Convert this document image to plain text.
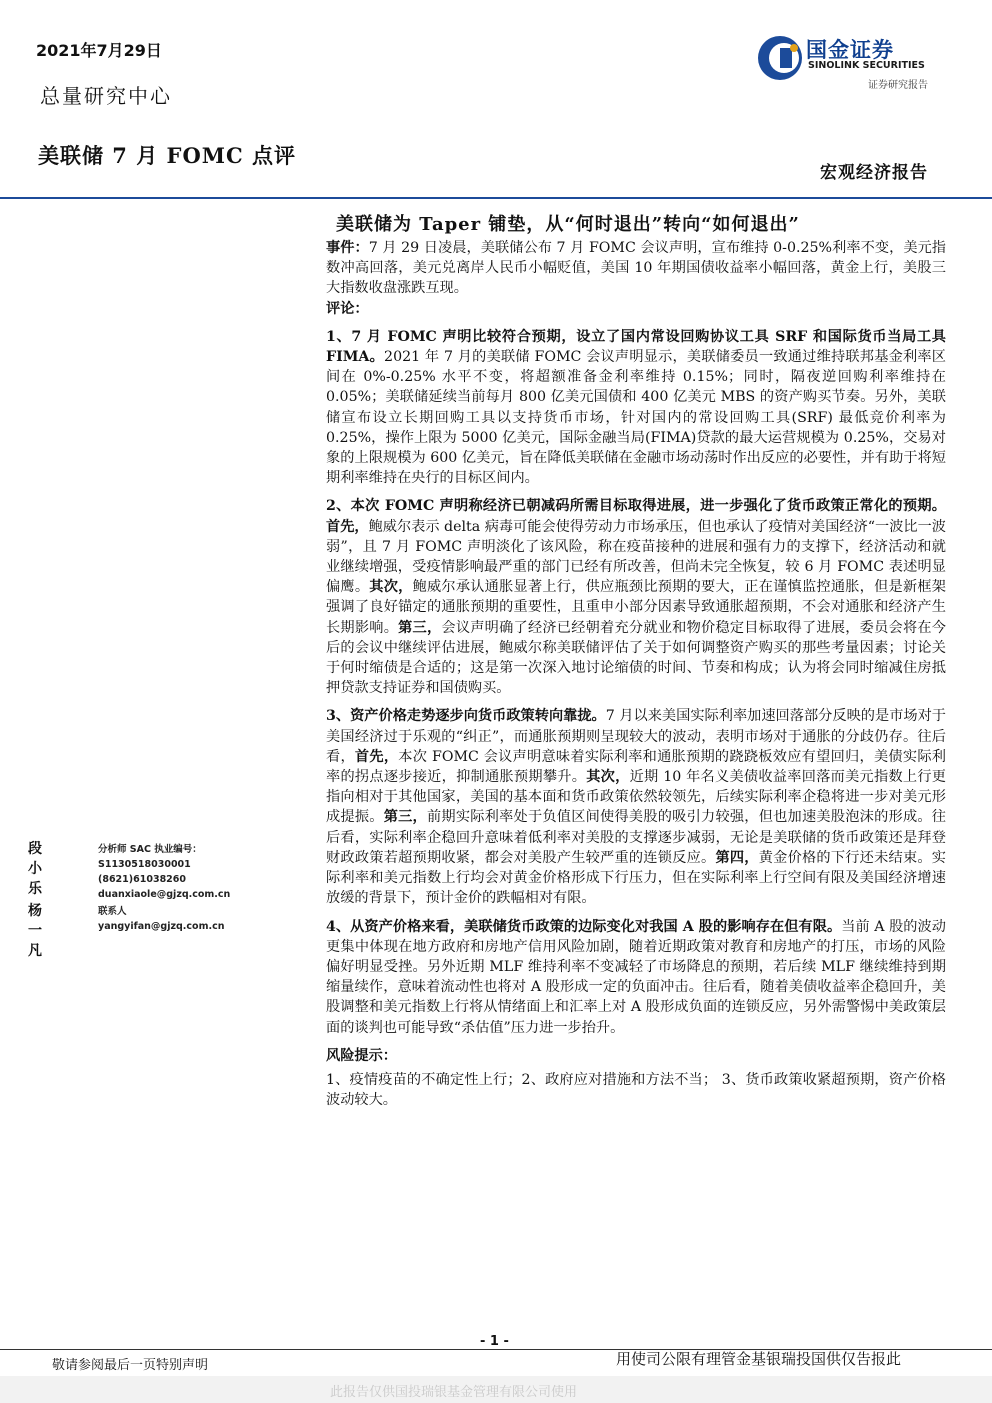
2021年7月29日
总量研究中心
美联储 7 月 FOMC 点评
国金证券
SINOLINK SECURITIES
证券研究报告
宏观经济报告
美联储为 Taper 铺垫，从“何时退出”转向“如何退出”

事件：7 月 29 日凌晨，美联储公布 7 月 FOMC 会议声明，宣布维持 0-0.25%利率不变，美元指数冲高回落，美元兑离岸人民币小幅贬值，美国 10 年期国债收益率小幅回落，黄金上行，美股三大指数收盘涨跌互现。

评论：

1、7 月 FOMC 声明比较符合预期，设立了国内常设回购协议工具 SRF 和国际货币当局工具 FIMA。2021 年 7 月的美联储 FOMC 会议声明显示，美联储委员一致通过维持联邦基金利率区间在 0%-0.25% 水平不变，将超额准备金利率维持 0.15%；同时，隔夜逆回购利率维持在 0.05%；美联储延续当前每月 800 亿美元国债和 400 亿美元 MBS 的资产购买节奏。另外，美联储宣布设立长期回购工具以支持货币市场，针对国内的常设回购工具(SRF) 最低竞价利率为 0.25%，操作上限为 5000 亿美元，国际金融当局(FIMA)贷款的最大运营规模为 0.25%，交易对象的上限规模为 600 亿美元，旨在降低美联储在金融市场动荡时作出反应的必要性，并有助于将短期利率维持在央行的目标区间内。

2、本次 FOMC 声明称经济已朝减码所需目标取得进展，进一步强化了货币政策正常化的预期。首先，鲍威尔表示 delta 病毒可能会使得劳动力市场承压，但也承认了疫情对美国经济“一波比一波弱”，且 7 月 FOMC 声明淡化了该风险，称在疫苗接种的进展和强有力的支撑下，经济活动和就业继续增强，受疫情影响最严重的部门已经有所改善，但尚未完全恢复，较 6 月 FOMC 表述明显偏鹰。其次，鲍威尔承认通胀显著上行，供应瓶颈比预期的要大，正在谨慎监控通胀，但是新框架强调了良好锚定的通胀预期的重要性，且重申小部分因素导致通胀超预期，不会对通胀和经济产生长期影响。第三，会议声明确了经济已经朝着充分就业和物价稳定目标取得了进展，委员会将在今后的会议中继续评估进展，鲍威尔称美联储评估了关于如何调整资产购买的那些考量因素；讨论关于何时缩债是合适的；这是第一次深入地讨论缩债的时间、节奏和构成；认为将会同时缩减住房抵押贷款支持证券和国债购买。

3、资产价格走势逐步向货币政策转向靠拢。7 月以来美国实际利率加速回落部分反映的是市场对于美国经济过于乐观的“纠正”，而通胀预期则呈现较大的波动，表明市场对于通胀的分歧仍存。往后看，首先，本次 FOMC 会议声明意味着实际利率和通胀预期的跷跷板效应有望回归，美债实际利率的拐点逐步接近，抑制通胀预期攀升。其次，近期 10 年名义美债收益率回落而美元指数上行更指向相对于其他国家，美国的基本面和货币政策依然较领先，后续实际利率企稳将进一步对美元形成提振。第三，前期实际利率处于负值区间使得美股的吸引力较强，但也加速美股泡沫的形成。往后看，实际利率企稳回升意味着低利率对美股的支撑逐步减弱，无论是美联储的货币政策还是拜登财政政策若超预期收紧，都会对美股产生较严重的连锁反应。第四，黄金价格的下行还未结束。实际利率和美元指数上行均会对黄金价格形成下行压力，但在实际利率上行空间有限及美国经济增速放缓的背景下，预计金价的跌幅相对有限。

4、从资产价格来看，美联储货币政策的边际变化对我国 A 股的影响存在但有限。当前 A 股的波动更集中体现在地方政府和房地产信用风险加剧，随着近期政策对教育和房地产的打压，市场的风险偏好明显受挫。另外近期 MLF 维持利率不变减轻了市场降息的预期，若后续 MLF 继续维持到期缩量续作，意味着流动性也将对 A 股形成一定的负面冲击。往后看，随着美债收益率企稳回升，美股调整和美元指数上行将从情绪面上和汇率上对 A 股形成负面的连锁反应，另外需警惕中美政策层面的谈判也可能导致“杀估值”压力进一步抬升。

风险提示：

1、疫情疫苗的不确定性上行；2、政府应对措施和方法不当； 3、货币政策收紧超预期，资产价格波动较大。

段小乐
分析师 SAC 执业编号：S1130518030001
(8621)61038260
duanxiaole@gjzq.com.cn
杨一凡
联系人
yangyifan@gjzq.com.cn
- 1 -
敬请参阅最后一页特别声明	用使司公限有理管金基银瑞投国供仅告报此
此报告仅供国投瑞银基金管理有限公司使用
